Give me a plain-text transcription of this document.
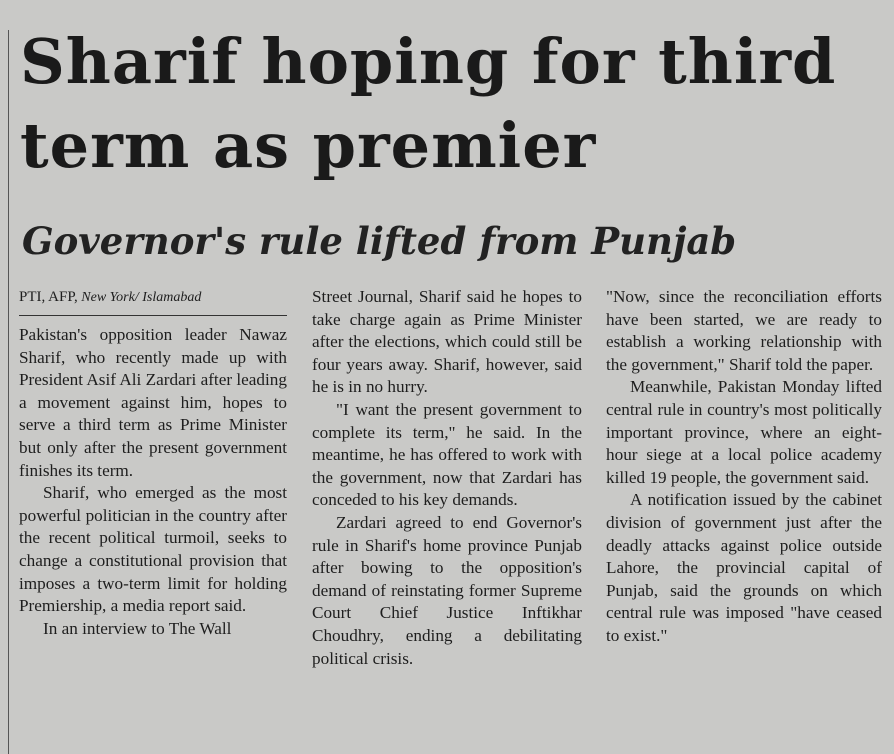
Sharif hoping for third term as premier
Governor's rule lifted from Punjab
PTI, AFP, New York/ Islamabad

Pakistan's opposition leader Nawaz Sharif, who recently made up with President Asif Ali Zardari after leading a movement against him, hopes to serve a third term as Prime Minister but only after the present government finishes its term.

Sharif, who emerged as the most powerful politician in the country after the recent political turmoil, seeks to change a constitutional provision that imposes a two-term limit for holding Premiership, a media report said.

In an interview to The Wall

Street Journal, Sharif said he hopes to take charge again as Prime Minister after the elections, which could still be four years away. Sharif, however, said he is in no hurry.

"I want the present government to complete its term," he said. In the meantime, he has offered to work with the government, now that Zardari has conceded to his key demands.

Zardari agreed to end Governor's rule in Sharif's home province Punjab after bowing to the opposition's demand of reinstating former Supreme Court Chief Justice Inftikhar Choudhry, ending a debilitating political crisis.

"Now, since the reconciliation efforts have been started, we are ready to establish a working relationship with the government," Sharif told the paper.

Meanwhile, Pakistan Monday lifted central rule in country's most politically important province, where an eight-hour siege at a local police academy killed 19 people, the government said.

A notification issued by the cabinet division of government just after the deadly attacks against police outside Lahore, the provincial capital of Punjab, said the grounds on which central rule was imposed "have ceased to exist."
